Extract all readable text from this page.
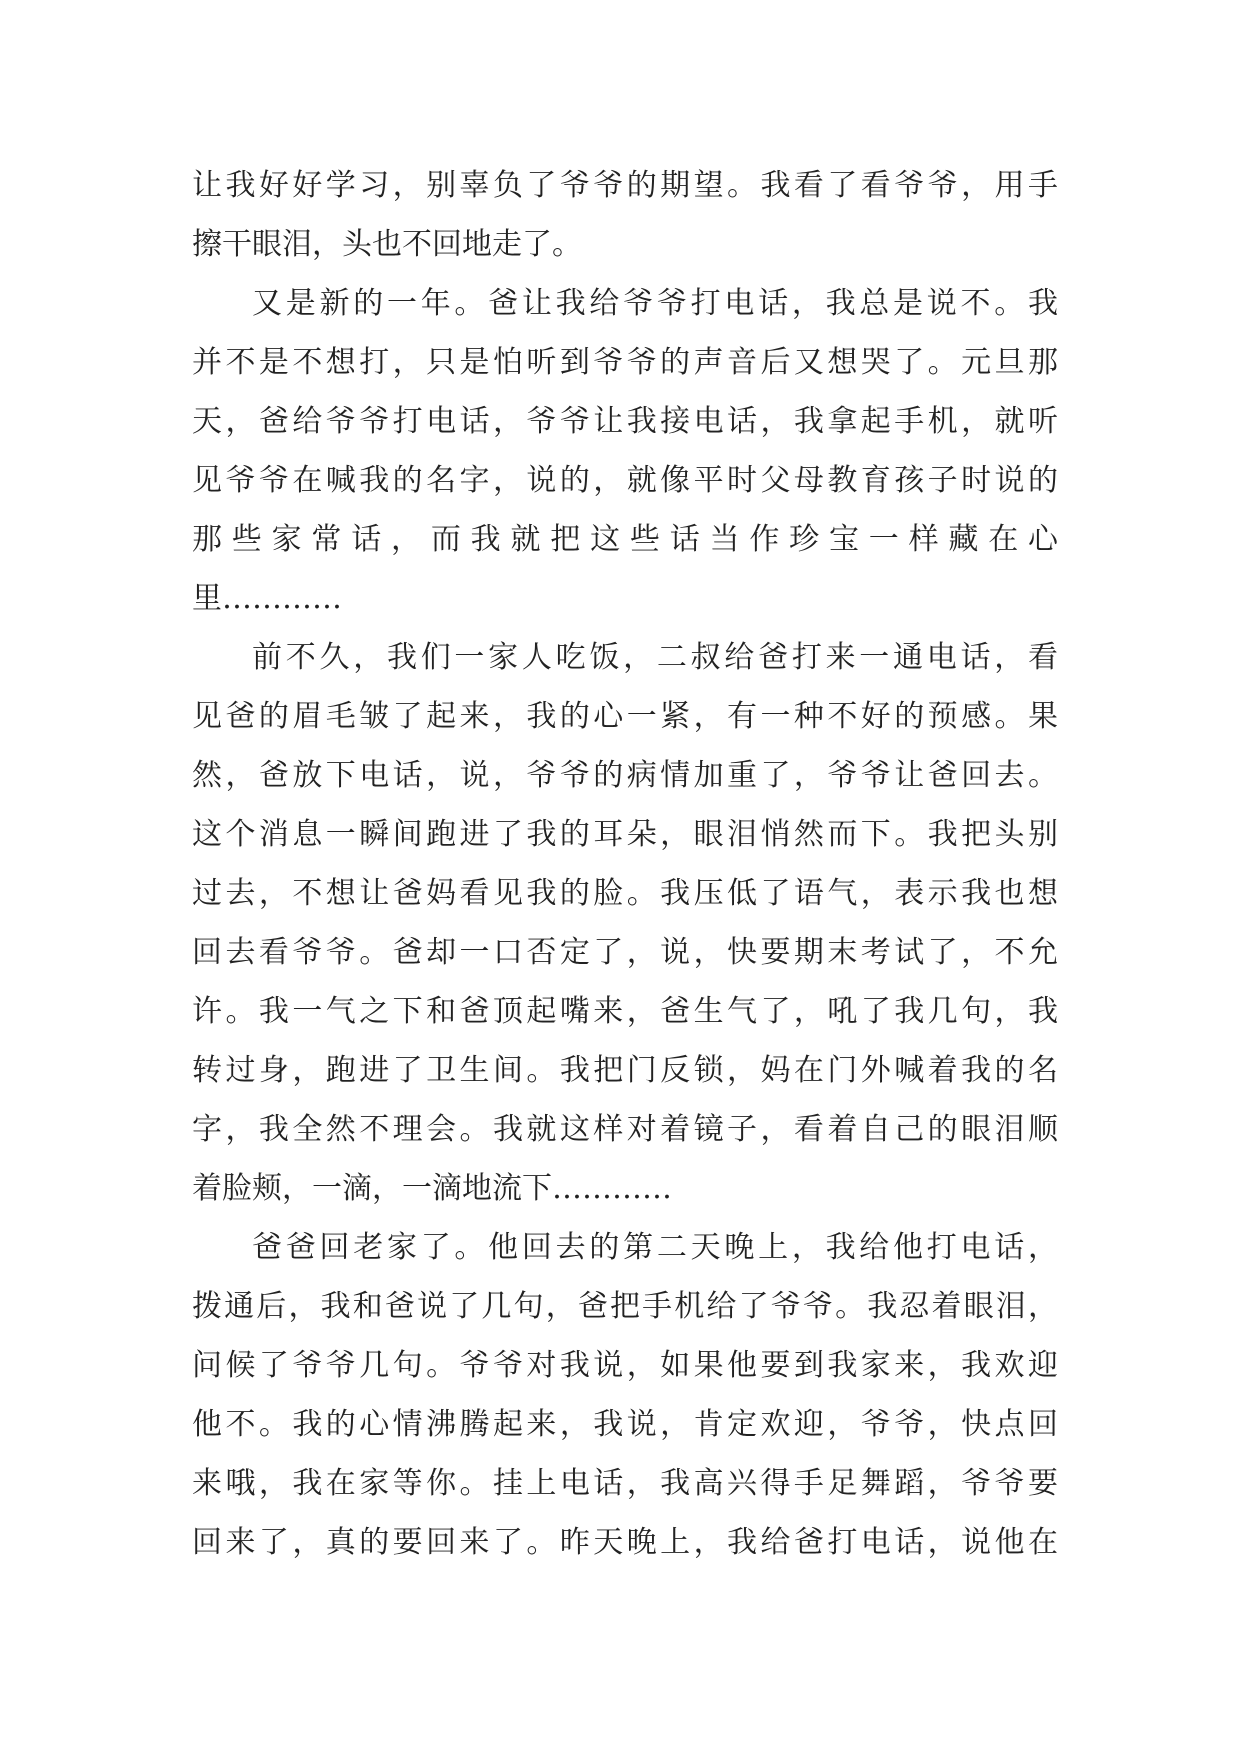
让我好好学习，别辜负了爷爷的期望。我看了看爷爷，用手
擦干眼泪，头也不回地走了。
又是新的一年。爸让我给爷爷打电话，我总是说不。我
并不是不想打，只是怕听到爷爷的声音后又想哭了。元旦那
天，爸给爷爷打电话，爷爷让我接电话，我拿起手机，就听
见爷爷在喊我的名字，说的，就像平时父母教育孩子时说的
那些家常话，而我就把这些话当作珍宝一样藏在心
里…………
前不久，我们一家人吃饭，二叔给爸打来一通电话，看
见爸的眉毛皱了起来，我的心一紧，有一种不好的预感。果
然，爸放下电话，说，爷爷的病情加重了，爷爷让爸回去。
这个消息一瞬间跑进了我的耳朵，眼泪悄然而下。我把头别
过去，不想让爸妈看见我的脸。我压低了语气，表示我也想
回去看爷爷。爸却一口否定了，说，快要期末考试了，不允
许。我一气之下和爸顶起嘴来，爸生气了，吼了我几句，我
转过身，跑进了卫生间。我把门反锁，妈在门外喊着我的名
字，我全然不理会。我就这样对着镜子，看着自己的眼泪顺
着脸颊，一滴，一滴地流下…………
爸爸回老家了。他回去的第二天晚上，我给他打电话，
拨通后，我和爸说了几句，爸把手机给了爷爷。我忍着眼泪，
问候了爷爷几句。爷爷对我说，如果他要到我家来，我欢迎
他不。我的心情沸腾起来，我说，肯定欢迎，爷爷，快点回
来哦，我在家等你。挂上电话，我高兴得手足舞蹈，爷爷要
回来了，真的要回来了。昨天晚上，我给爸打电话，说他在
